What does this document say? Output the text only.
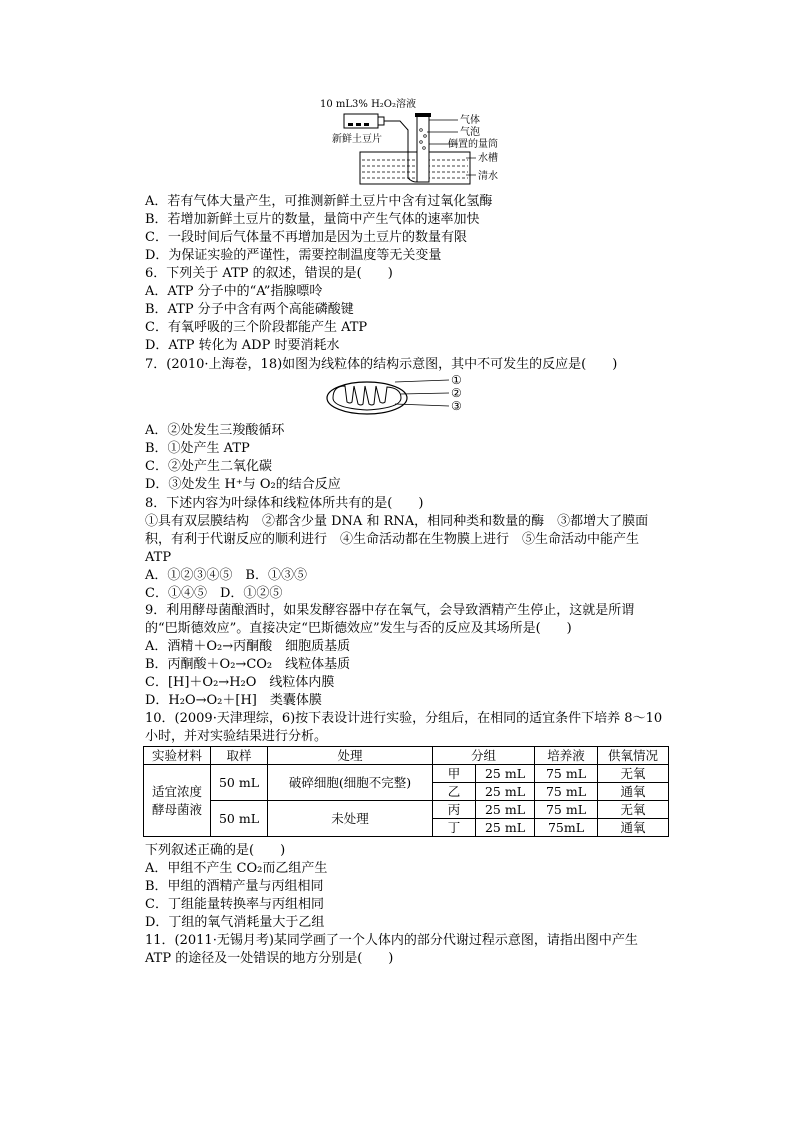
10 mL3% H₂O₂溶液
新鲜土豆片
气体
气泡
倒置的量筒
水槽
清水
①
②
③
A．若有气体大量产生，可推测新鲜土豆片中含有过氧化氢酶
B．若增加新鲜土豆片的数量，量筒中产生气体的速率加快
C．一段时间后气体量不再增加是因为土豆片的数量有限
D．为保证实验的严谨性，需要控制温度等无关变量
6．下列关于 ATP 的叙述，错误的是(　　)
A．ATP 分子中的“A”指腺嘌呤
B．ATP 分子中含有两个高能磷酸键
C．有氧呼吸的三个阶段都能产生 ATP
D．ATP 转化为 ADP 时要消耗水
7．(2010·上海卷，18)如图为线粒体的结构示意图，其中不可发生的反应是(　　)
A．②处发生三羧酸循环
B．①处产生 ATP
C．②处产生二氧化碳
D．③处发生 H⁺与 O₂的结合反应
8．下述内容为叶绿体和线粒体所共有的是(　　)
①具有双层膜结构　②都含少量 DNA 和 RNA，相同种类和数量的酶　③都增大了膜面
积，有利于代谢反应的顺利进行　④生命活动都在生物膜上进行　⑤生命活动中能产生
ATP
A．①②③④⑤　B．①③⑤
C．①④⑤　D．①②⑤
9．利用酵母菌酿酒时，如果发酵容器中存在氧气，会导致酒精产生停止，这就是所谓
的“巴斯德效应”。直接决定“巴斯德效应”发生与否的反应及其场所是(　　)
A．酒精＋O₂→丙酮酸　细胞质基质
B．丙酮酸＋O₂→CO₂　线粒体基质
C．[H]＋O₂→H₂O　线粒体内膜
D．H₂O→O₂＋[H]　类囊体膜
10．(2009·天津理综，6)按下表设计进行实验，分组后，在相同的适宜条件下培养 8～10
小时，并对实验结果进行分析。
实验材料	取样	处理	分组		培养液	供氧情况

适宜浓度
酵母菌液	50 mL	破碎细胞(细胞不完整)	甲	25 mL	75 mL	无氧
			乙	25 mL	75 mL	通氧
	50 mL	未处理	丙	25 mL	75 mL	无氧
			丁	25 mL	75mL	通氧
下列叙述正确的是(　　)
A．甲组不产生 CO₂而乙组产生
B．甲组的酒精产量与丙组相同
C．丁组能量转换率与丙组相同
D．丁组的氧气消耗量大于乙组
11．(2011·无锡月考)某同学画了一个人体内的部分代谢过程示意图，请指出图中产生
ATP 的途径及一处错误的地方分别是(　　)
